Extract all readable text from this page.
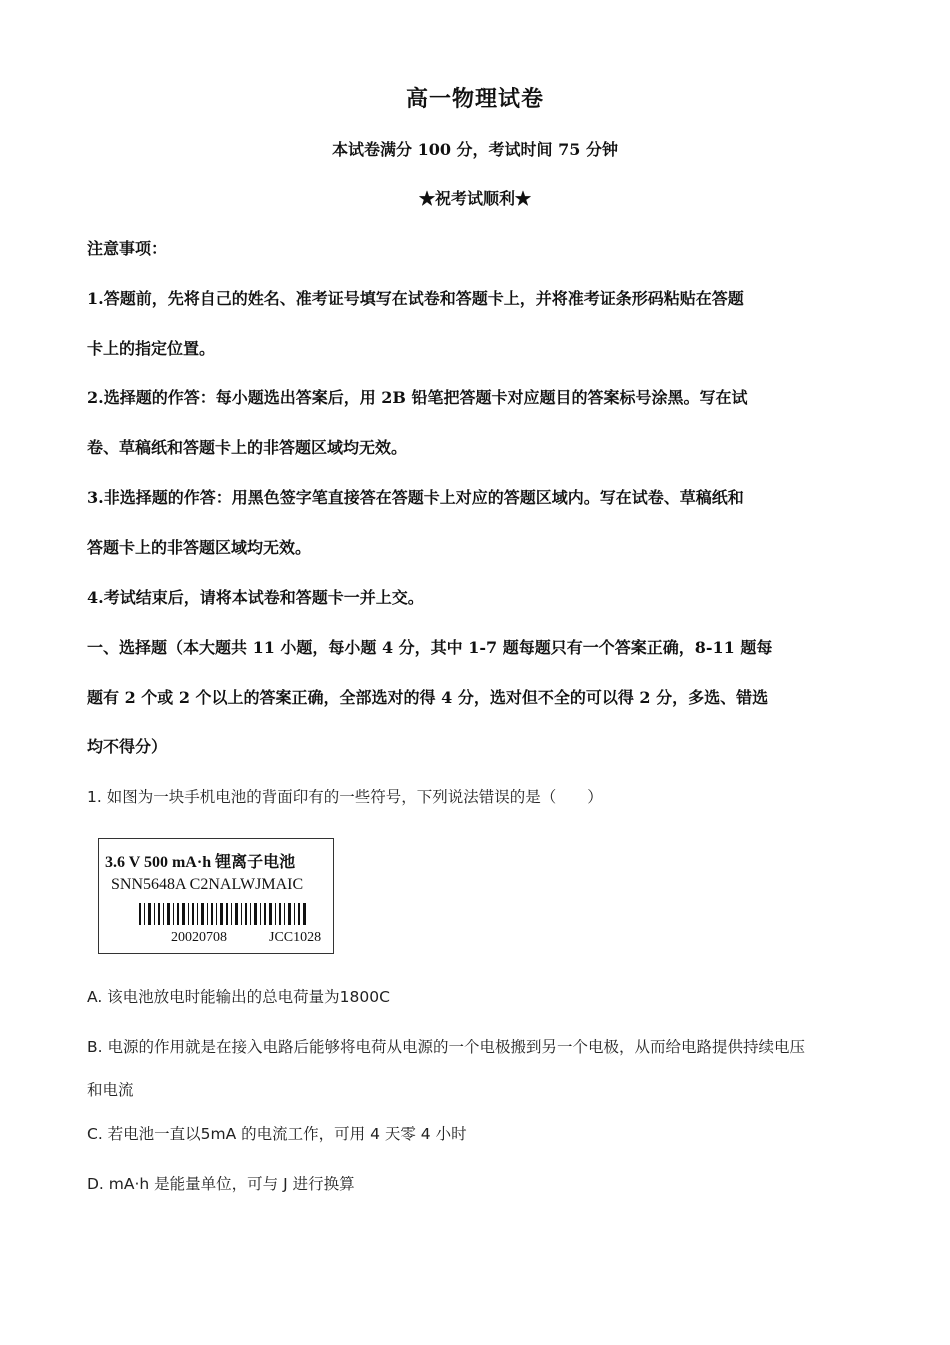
高一物理试卷
本试卷满分 100 分，考试时间 75 分钟
★祝考试顺利★
注意事项：
1.答题前，先将自己的姓名、准考证号填写在试卷和答题卡上，并将准考证条形码粘贴在答题
卡上的指定位置。
2.选择题的作答：每小题选出答案后，用 2B 铅笔把答题卡对应题目的答案标号涂黑。写在试
卷、草稿纸和答题卡上的非答题区域均无效。
3.非选择题的作答：用黑色签字笔直接答在答题卡上对应的答题区域内。写在试卷、草稿纸和
答题卡上的非答题区域均无效。
4.考试结束后，请将本试卷和答题卡一并上交。
一、选择题（本大题共 11 小题，每小题 4 分，其中 1-7 题每题只有一个答案正确，8-11 题每
题有 2 个或 2 个以上的答案正确，全部选对的得 4 分，选对但不全的可以得 2 分，多选、错选
均不得分）
1. 如图为一块手机电池的背面印有的一些符号，下列说法错误的是（　　）
3.6 V 500 mA·h 锂离子电池
SNN5648A C2NALWJMAIC
20020708	JCC1028
A. 该电池放电时能输出的总电荷量为1800C
B. 电源的作用就是在接入电路后能够将电荷从电源的一个电极搬到另一个电极，从而给电路提供持续电压
和电流
C. 若电池一直以5mA 的电流工作，可用 4 天零 4 小时
D. mA·h 是能量单位，可与 J 进行换算
